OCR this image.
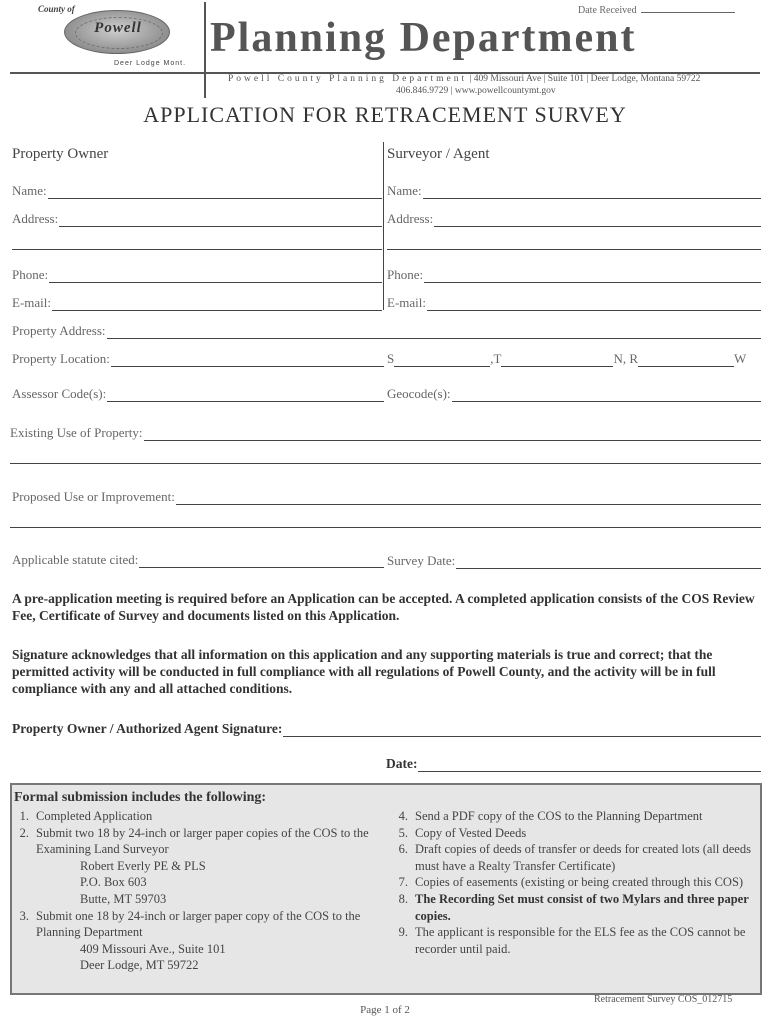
County of
Powell
Deer Lodge Mont.
Date Received
Planning Department
Powell County Planning Department | 409 Missouri Ave | Suite 101 | Deer Lodge, Montana 59722
406.846.9729 | www.powellcountymt.gov
APPLICATION FOR RETRACEMENT SURVEY
Property Owner	Surveyor / Agent
Name:
Address:
Phone:
E-mail:
Name:
Address:
Phone:
E-mail:
Property Address:
Property Location:	S	,T	N, R	W
Assessor Code(s):	Geocode(s):
Existing Use of Property:
Proposed Use or Improvement:
Applicable statute cited:	Survey Date:
A pre-application meeting is required before an Application can be accepted. A completed application consists of the COS Review Fee, Certificate of Survey and documents listed on this Application.
Signature acknowledges that all information on this application and any supporting materials is true and correct; that the permitted activity will be conducted in full compliance with all regulations of Powell County, and the activity will be in full compliance with any and all attached conditions.
Property Owner / Authorized Agent Signature:
Date:
Formal submission includes the following:
1. Completed Application
2. Submit two 18 by 24-inch or larger paper copies of the COS to the Examining Land Surveyor
Robert Everly PE & PLS
P.O. Box 603
Butte, MT 59703
3. Submit one 18 by 24-inch or larger paper copy of the COS to the Planning Department
409 Missouri Ave., Suite 101
Deer Lodge, MT 59722
4. Send a PDF copy of the COS to the Planning Department
5. Copy of Vested Deeds
6. Draft copies of deeds of transfer or deeds for created lots (all deeds must have a Realty Transfer Certificate)
7. Copies of easements (existing or being created through this COS)
8. The Recording Set must consist of two Mylars and three paper copies.
9. The applicant is responsible for the ELS fee as the COS cannot be recorder until paid.
Retracement Survey COS_012715
Page 1 of 2
